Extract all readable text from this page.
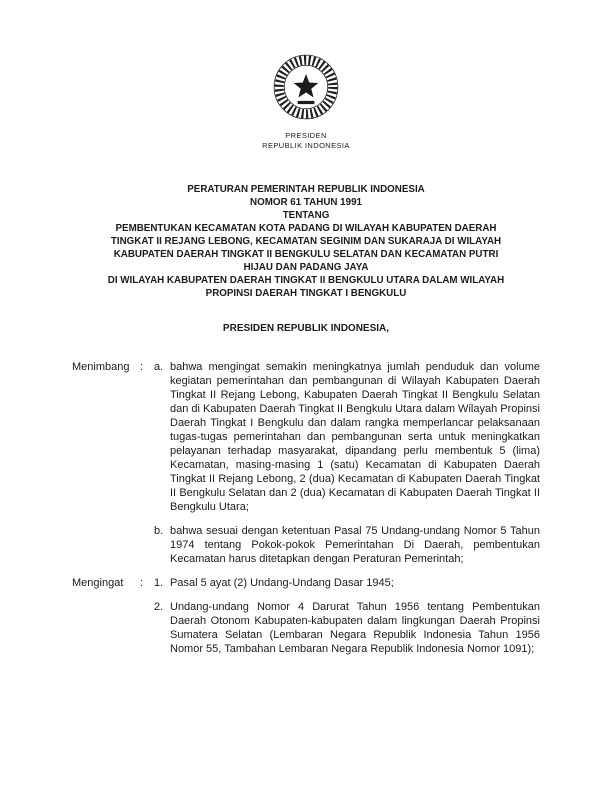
PRESIDEN
REPUBLIK INDONESIA
PERATURAN PEMERINTAH REPUBLIK INDONESIA
NOMOR 61 TAHUN 1991
TENTANG
PEMBENTUKAN KECAMATAN KOTA PADANG DI WILAYAH KABUPATEN DAERAH
TINGKAT II REJANG LEBONG, KECAMATAN SEGINIM DAN SUKARAJA DI WILAYAH
KABUPATEN DAERAH TINGKAT II BENGKULU SELATAN DAN KECAMATAN PUTRI
HIJAU DAN PADANG JAYA
DI WILAYAH KABUPATEN DAERAH TINGKAT II BENGKULU UTARA DALAM WILAYAH
PROPINSI DAERAH TINGKAT I BENGKULU
PRESIDEN REPUBLIK INDONESIA,
Menimbang : a. bahwa mengingat semakin meningkatnya jumlah penduduk dan volume kegiatan pemerintahan dan pembangunan di Wilayah Kabupaten Daerah Tingkat II Rejang Lebong, Kabupaten Daerah Tingkat II Bengkulu Selatan dan di Kabupaten Daerah Tingkat II Bengkulu Utara dalam Wilayah Propinsi Daerah Tingkat I Bengkulu dan dalam rangka memperlancar pelaksanaan tugas-tugas pemerintahan dan pembangunan serta untuk meningkatkan pelayanan terhadap masyarakat, dipandang perlu membentuk 5 (lima) Kecamatan, masing-masing 1 (satu) Kecamatan di Kabupaten Daerah Tingkat II Rejang Lebong, 2 (dua) Kecamatan di Kabupaten Daerah Tingkat II Bengkulu Selatan dan 2 (dua) Kecamatan di Kabupaten Daerah Tingkat II Bengkulu Utara;
b. bahwa sesuai dengan ketentuan Pasal 75 Undang-undang Nomor 5 Tahun 1974 tentang Pokok-pokok Pemerintahan Di Daerah, pembentukan Kecamatan harus ditetapkan dengan Peraturan Pemerintah;
Mengingat	: 1. Pasal 5 ayat (2) Undang-Undang Dasar 1945;
2. Undang-undang Nomor 4 Darurat Tahun 1956 tentang Pembentukan Daerah Otonom Kabupaten-kabupaten dalam lingkungan Daerah Propinsi Sumatera Selatan (Lembaran Negara Republik Indonesia Tahun 1956 Nomor 55, Tambahan Lembaran Negara Republik Indonesia Nomor 1091);
